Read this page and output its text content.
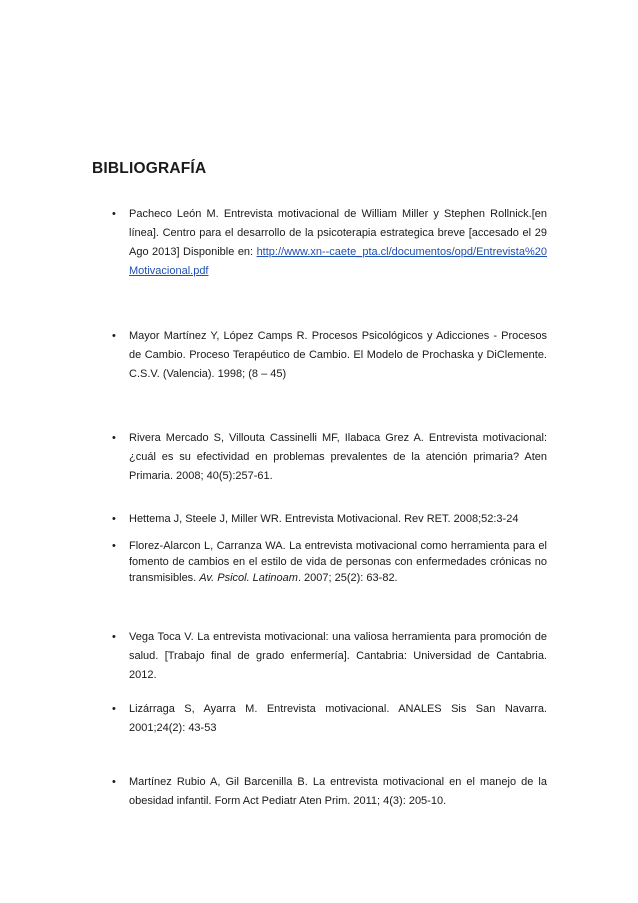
BIBLIOGRAFÍA
•	Pacheco León M. Entrevista motivacional de William Miller y Stephen Rollnick.[en línea]. Centro para el desarrollo de la psicoterapia estrategica breve [accesado el 29 Ago 2013] Disponible en: http://www.xn--caete_pta.cl/documentos/opd/Entrevista%20Motivacional.pdf
•	Mayor Martínez Y, López Camps R. Procesos Psicológicos y Adicciones - Procesos de Cambio. Proceso Terapéutico de Cambio. El Modelo de Prochaska y DiClemente. C.S.V. (Valencia). 1998; (8 – 45)
•	Rivera Mercado S, Villouta Cassinelli MF, Ilabaca Grez A. Entrevista motivacional: ¿cuál es su efectividad en problemas prevalentes de la atención primaria? Aten Primaria. 2008; 40(5):257-61.
•	Hettema J, Steele J, Miller WR. Entrevista Motivacional. Rev RET. 2008;52:3-24
•	Florez-Alarcon L, Carranza WA. La entrevista motivacional como herramienta para el fomento de cambios en el estilo de vida de personas con enfermedades crónicas no transmisibles. Av. Psicol. Latinoam. 2007; 25(2): 63-82.
•	Vega Toca V. La entrevista motivacional: una valiosa herramienta para promoción de salud. [Trabajo final de grado enfermería]. Cantabria: Universidad de Cantabria. 2012.
•	Lizárraga S, Ayarra M. Entrevista motivacional. ANALES Sis San Navarra. 2001;24(2): 43-53
•	Martínez Rubio A, Gil Barcenilla B. La entrevista motivacional en el manejo de la obesidad infantil. Form Act Pediatr Aten Prim. 2011; 4(3): 205-10.
